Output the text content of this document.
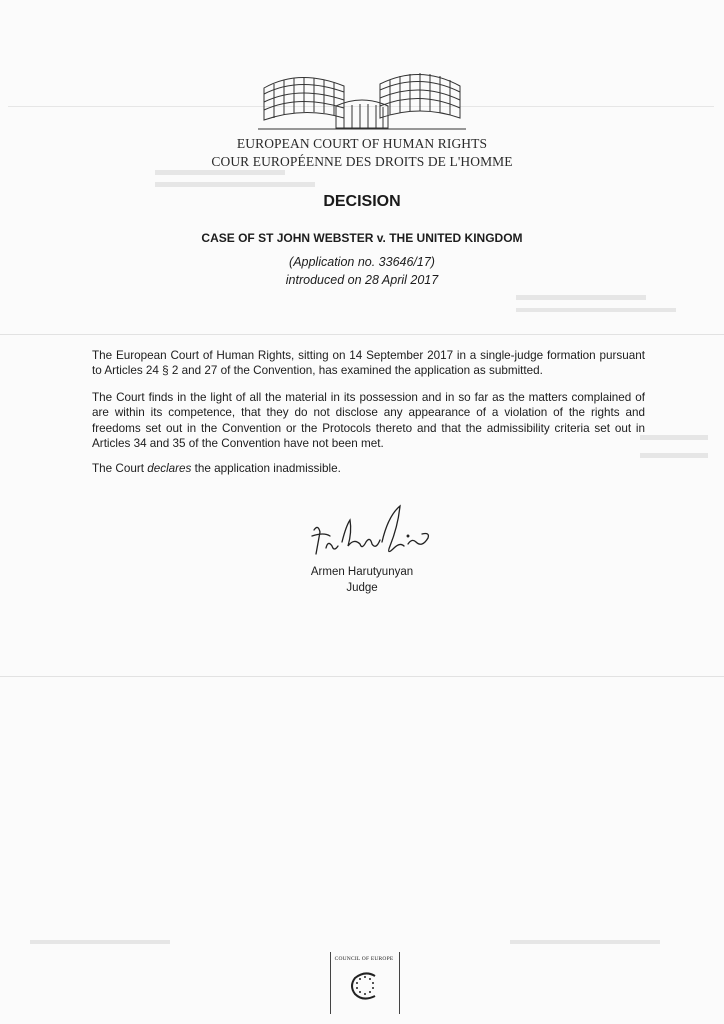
EUROPEAN COURT OF HUMAN RIGHTS
COUR EUROPÉENNE DES DROITS DE L'HOMME
DECISION
CASE OF ST JOHN WEBSTER v. THE UNITED KINGDOM
(Application no. 33646/17)
introduced on 28 April 2017

The European Court of Human Rights, sitting on 14 September 2017 in a single-judge formation pursuant to Articles 24 § 2 and 27 of the Convention, has examined the application as submitted.

The Court finds in the light of all the material in its possession and in so far as the matters complained of are within its competence, that they do not disclose any appearance of a violation of the rights and freedoms set out in the Convention or the Protocols thereto and that the admissibility criteria set out in Articles 34 and 35 of the Convention have not been met.

The Court declares the application inadmissible.

Armen Harutyunyan
Judge
COUNCIL OF EUROPE
